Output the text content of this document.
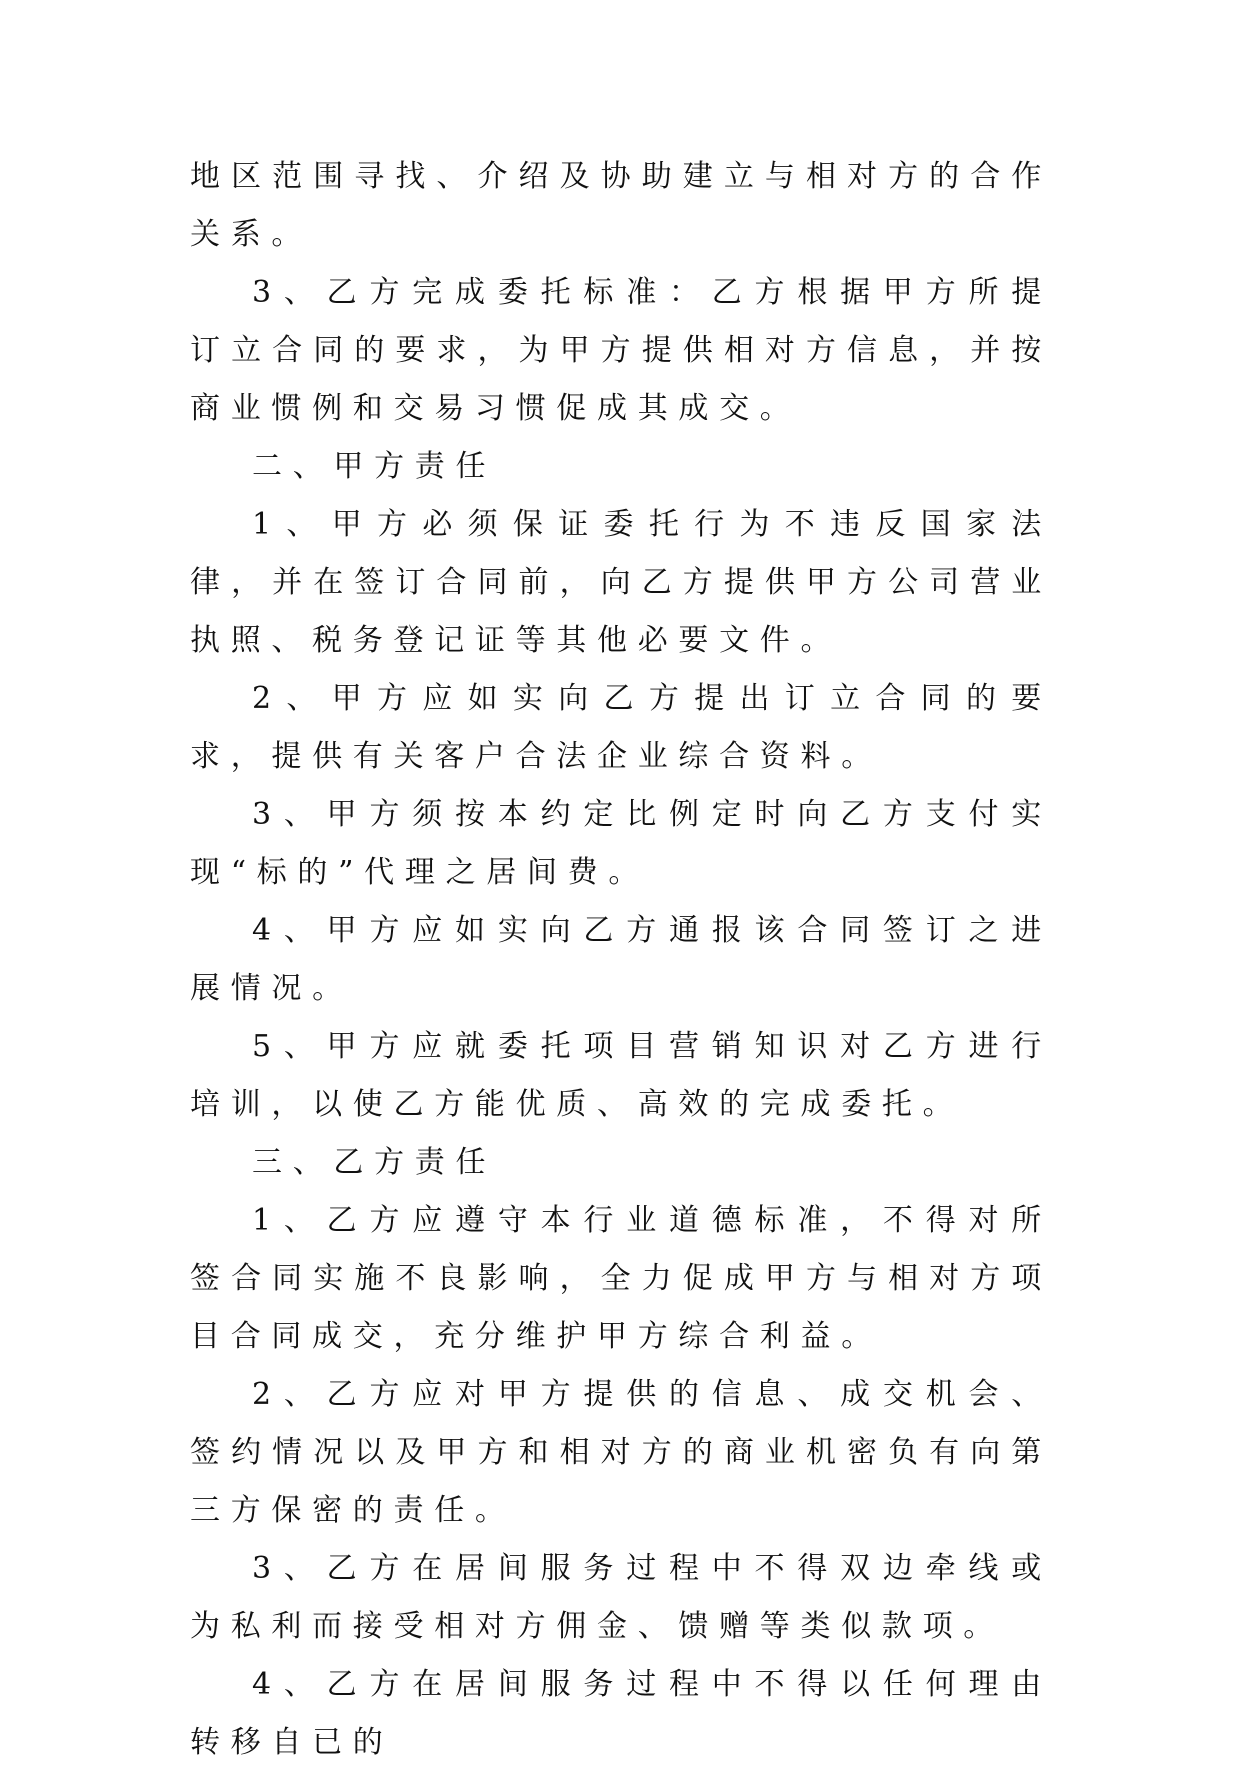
地区范围寻找、介绍及协助建立与相对方的合作关系。

3、乙方完成委托标准：乙方根据甲方所提订立合同的要求，为甲方提供相对方信息，并按商业惯例和交易习惯促成其成交。

二、甲方责任

1、甲方必须保证委托行为不违反国家法律，并在签订合同前，向乙方提供甲方公司营业执照、税务登记证等其他必要文件。

2、甲方应如实向乙方提出订立合同的要求，提供有关客户合法企业综合资料。

3、甲方须按本约定比例定时向乙方支付实现“标的”代理之居间费。

4、甲方应如实向乙方通报该合同签订之进展情况。

5、甲方应就委托项目营销知识对乙方进行培训，以使乙方能优质、高效的完成委托。

三、乙方责任

1、乙方应遵守本行业道德标准，不得对所签合同实施不良影响，全力促成甲方与相对方项目合同成交，充分维护甲方综合利益。

2、乙方应对甲方提供的信息、成交机会、签约情况以及甲方和相对方的商业机密负有向第三方保密的责任。

3、乙方在居间服务过程中不得双边牵线或为私利而接受相对方佣金、馈赠等类似款项。

4、乙方在居间服务过程中不得以任何理由转移自已的
